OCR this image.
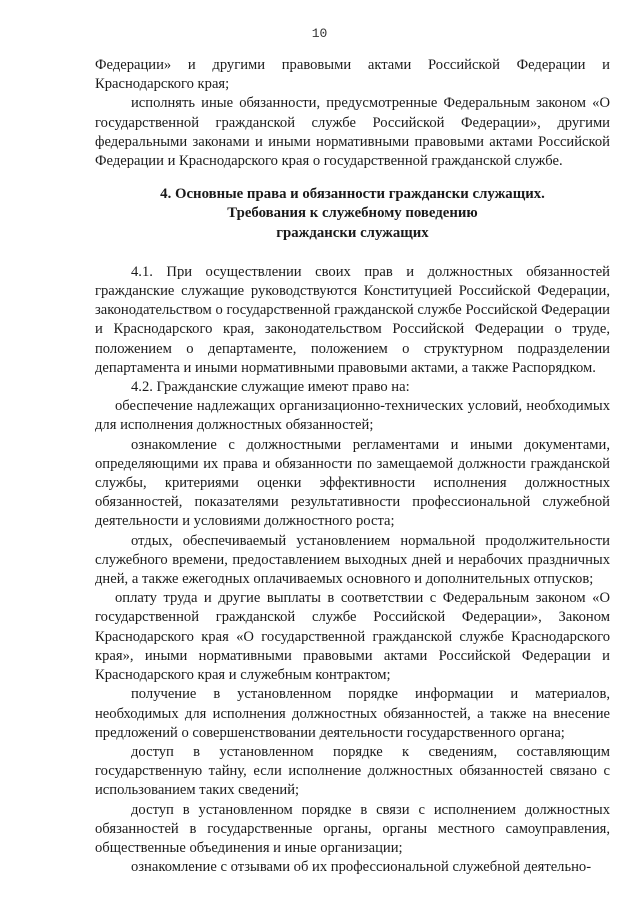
10

Федерации» и другими правовыми актами Российской Федерации и Краснодарского края;

исполнять иные обязанности, предусмотренные Федеральным законом «О государственной гражданской службе Российской Федерации», другими федеральными законами и иными нормативными правовыми актами Российской Федерации и Краснодарского края о государственной гражданской службе.

4. Основные права и обязанности граждански служащих.
Требования к служебному поведению
граждански служащих

4.1. При осуществлении своих прав и должностных обязанностей гражданские служащие руководствуются Конституцией Российской Федерации, законодательством о государственной гражданской службе Российской Федерации и Краснодарского края, законодательством Российской Федерации о труде, положением о департаменте, положением о структурном подразделении департамента и иными нормативными правовыми актами, а также Распорядком.

4.2. Гражданские служащие имеют право на:

обеспечение надлежащих организационно-технических условий, необходимых для исполнения должностных обязанностей;

ознакомление с должностными регламентами и иными документами, определяющими их права и обязанности по замещаемой должности гражданской службы, критериями оценки эффективности исполнения должностных обязанностей, показателями результативности профессиональной служебной деятельности и условиями должностного роста;

отдых, обеспечиваемый установлением нормальной продолжительности служебного времени, предоставлением выходных дней и нерабочих праздничных дней, а также ежегодных оплачиваемых основного и дополнительных отпусков;

оплату труда и другие выплаты в соответствии с Федеральным законом «О государственной гражданской службе Российской Федерации», Законом Краснодарского края «О государственной гражданской службе Краснодарского края», иными нормативными правовыми актами Российской Федерации и Краснодарского края и служебным контрактом;

получение в установленном порядке информации и материалов, необходимых для исполнения должностных обязанностей, а также на внесение предложений о совершенствовании деятельности государственного органа;

доступ в установленном порядке к сведениям, составляющим государственную тайну, если исполнение должностных обязанностей связано с использованием таких сведений;

доступ в установленном порядке в связи с исполнением должностных обязанностей в государственные органы, органы местного самоуправления, общественные объединения и иные организации;

ознакомление с отзывами об их профессиональной служебной деятельно-
